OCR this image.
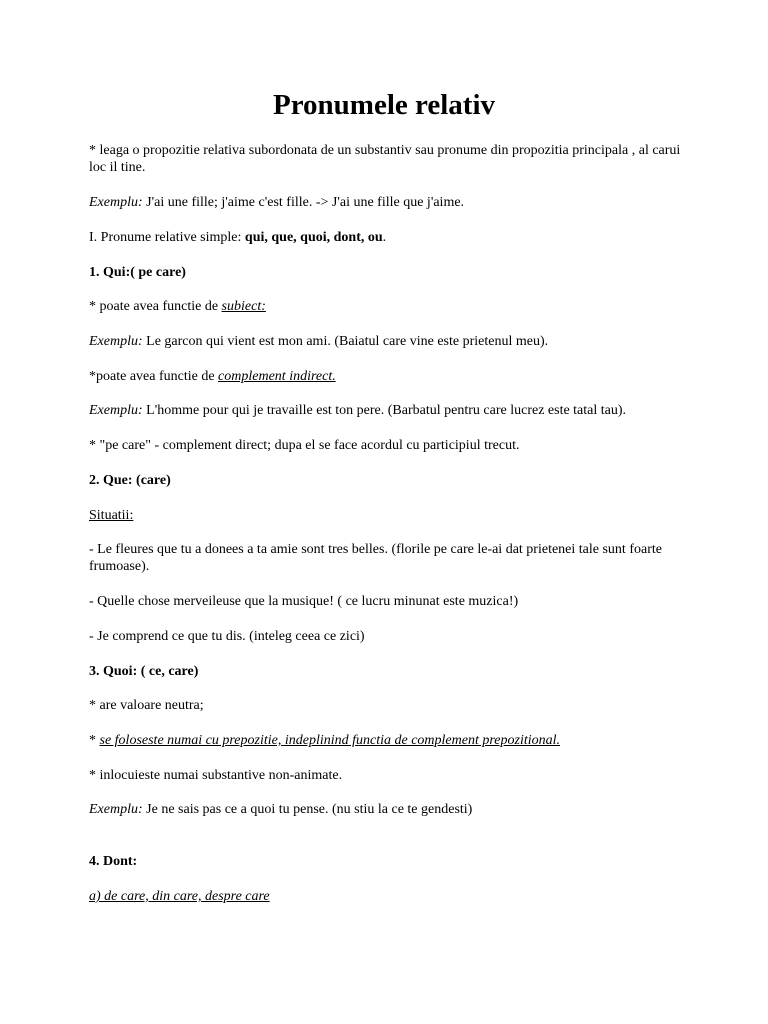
Pronumele relativ

* leaga o propozitie relativa subordonata de un substantiv sau pronume din propozitia principala , al carui loc il tine.

Exemplu: J'ai une fille; j'aime c'est fille. -> J'ai une fille que j'aime.

I. Pronume relative simple: qui, que, quoi, dont, ou.

1. Qui:( pe care)

* poate avea functie de subiect:

Exemplu: Le garcon qui vient est mon ami. (Baiatul care vine este prietenul meu).

*poate avea functie de complement indirect.

Exemplu: L'homme pour qui je travaille est ton pere. (Barbatul pentru care lucrez este tatal tau).

* "pe care" - complement direct; dupa el se face acordul cu participiul trecut.

2. Que: (care)

Situatii:

- Le fleures que tu a donees a ta amie sont tres belles. (florile pe care le-ai dat prietenei tale sunt foarte frumoase).

- Quelle chose merveileuse que la musique! ( ce lucru minunat este muzica!)

- Je comprend ce que tu dis. (inteleg ceea ce zici)

3. Quoi: ( ce, care)

* are valoare neutra;

* se foloseste numai cu prepozitie, indeplinind functia de complement prepozitional.

* inlocuieste numai substantive non-animate.

Exemplu: Je ne sais pas ce a quoi tu pense. (nu stiu la ce te gendesti)

4. Dont:

a) de care, din care, despre care
